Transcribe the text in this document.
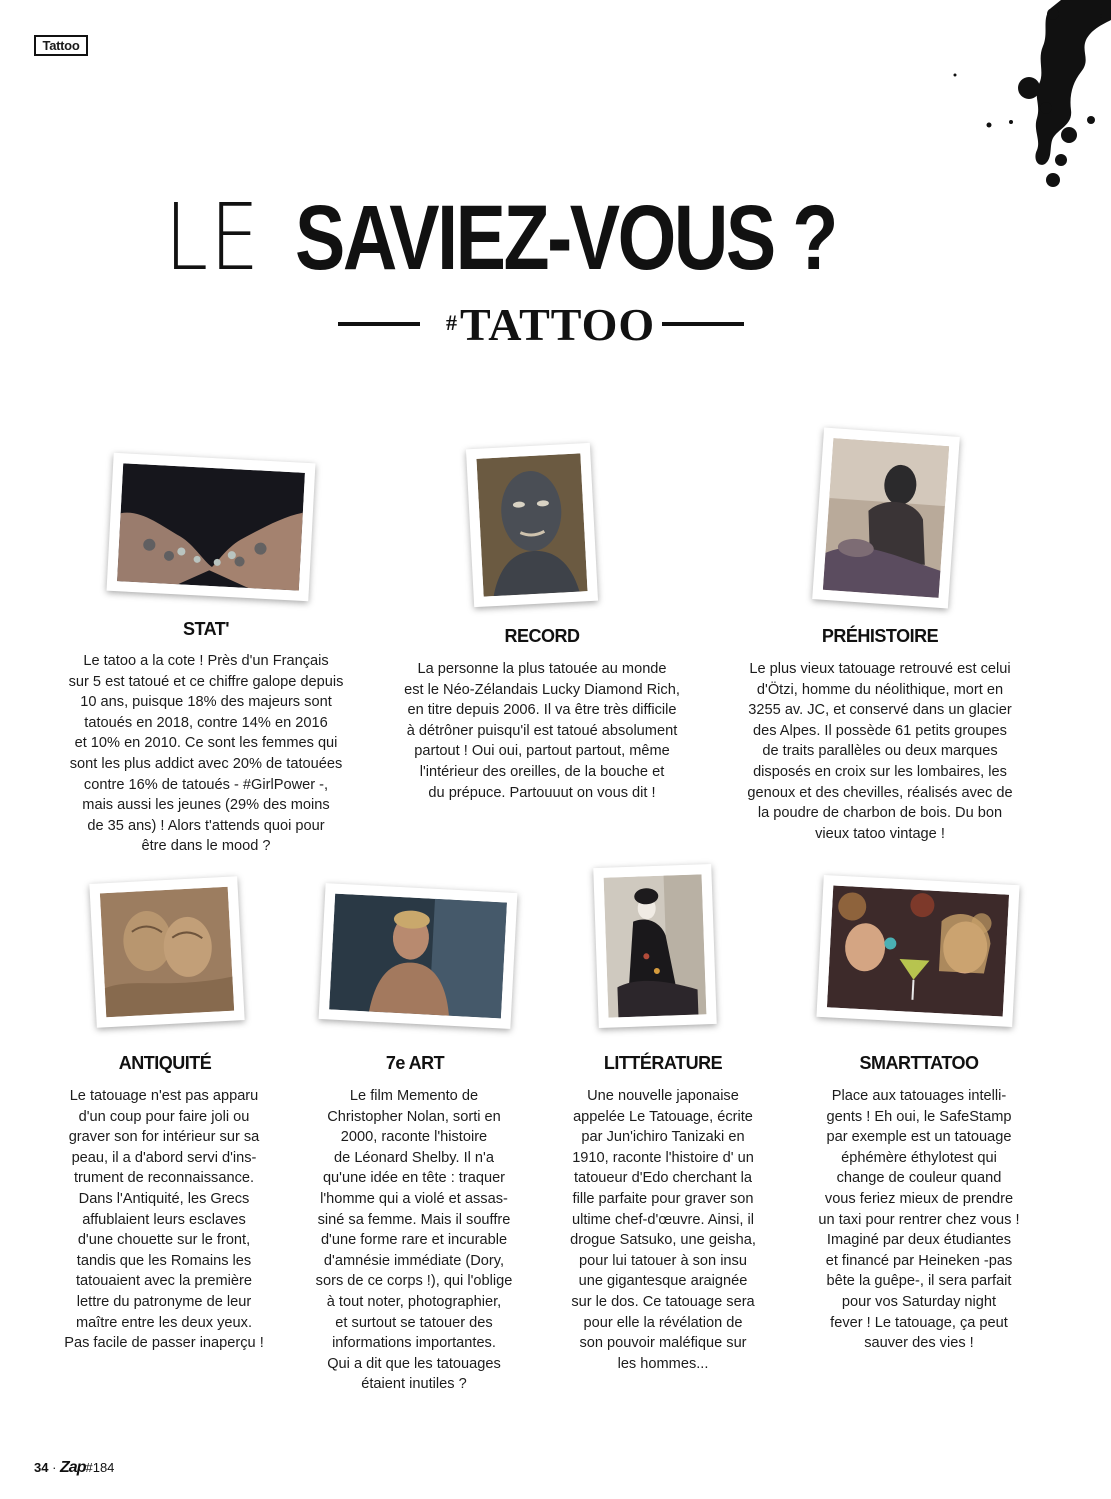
Tattoo
LE SAVIEZ-VOUS ?
# TATTOO
STAT'

Le tatoo a la cote ! Près d'un Français

sur 5 est tatoué et ce chiffre galope depuis

10 ans, puisque 18% des majeurs sont

tatoués en 2018, contre 14% en 2016

et 10% en 2010. Ce sont les femmes qui

sont les plus addict avec 20% de tatouées

contre 16% de tatoués - #GirlPower -,

mais aussi les jeunes (29% des moins

de 35 ans) ! Alors t'attends quoi pour

être dans le mood ?

RECORD

La personne la plus tatouée au monde

est le Néo-Zélandais Lucky Diamond Rich,

en titre depuis 2006. Il va être très difficile

à détrôner puisqu'il est tatoué absolument

partout ! Oui oui, partout partout, même

l'intérieur des oreilles, de la bouche et

du prépuce. Partouuut on vous dit !

PRÉHISTOIRE

Le plus vieux tatouage retrouvé est celui

d'Ötzi, homme du néolithique, mort en

3255 av. JC, et conservé dans un glacier

des Alpes. Il possède 61 petits groupes

de traits parallèles ou deux marques

disposés en croix sur les lombaires, les

genoux et des chevilles, réalisés avec de

la poudre de charbon de bois. Du bon

vieux tatoo vintage !

ANTIQUITÉ

Le tatouage n'est pas apparu

d'un coup pour faire joli ou

graver son for intérieur sur sa

peau, il a d'abord servi d'ins-

trument de reconnaissance.

Dans l'Antiquité, les Grecs

affublaient leurs esclaves

d'une chouette sur le front,

tandis que les Romains les

tatouaient avec la première

lettre du patronyme de leur

maître entre les deux yeux.

Pas facile de passer inaperçu !

7e ART

Le film Memento de

Christopher Nolan, sorti en

2000, raconte l'histoire

de Léonard Shelby. Il n'a

qu'une idée en tête : traquer

l'homme qui a violé et assas-

siné sa femme. Mais il souffre

d'une forme rare et incurable

d'amnésie immédiate (Dory,

sors de ce corps !), qui l'oblige

à tout noter, photographier,

et surtout se tatouer des

informations importantes.

Qui a dit que les tatouages

étaient inutiles ?

LITTÉRATURE

Une nouvelle japonaise

appelée Le Tatouage, écrite

par Jun'ichiro Tanizaki en

1910, raconte l'histoire d' un

tatoueur d'Edo cherchant la

fille parfaite pour graver son

ultime chef-d'œuvre. Ainsi, il

drogue Satsuko, une geisha,

pour lui tatouer à son insu

une gigantesque araignée

sur le dos. Ce tatouage sera

pour elle la révélation de

son pouvoir maléfique sur

les hommes...

SMARTTATOO

Place aux tatouages intelli-

gents ! Eh oui, le SafeStamp

par exemple est un tatouage

éphémère éthylotest qui

change de couleur quand

vous feriez mieux de prendre

un taxi pour rentrer chez vous !

Imaginé par deux étudiantes

et financé par Heineken -pas

bête la guêpe-, il sera parfait

pour vos Saturday night

fever ! Le tatouage, ça peut

sauver des vies !

34 · Zap#184
